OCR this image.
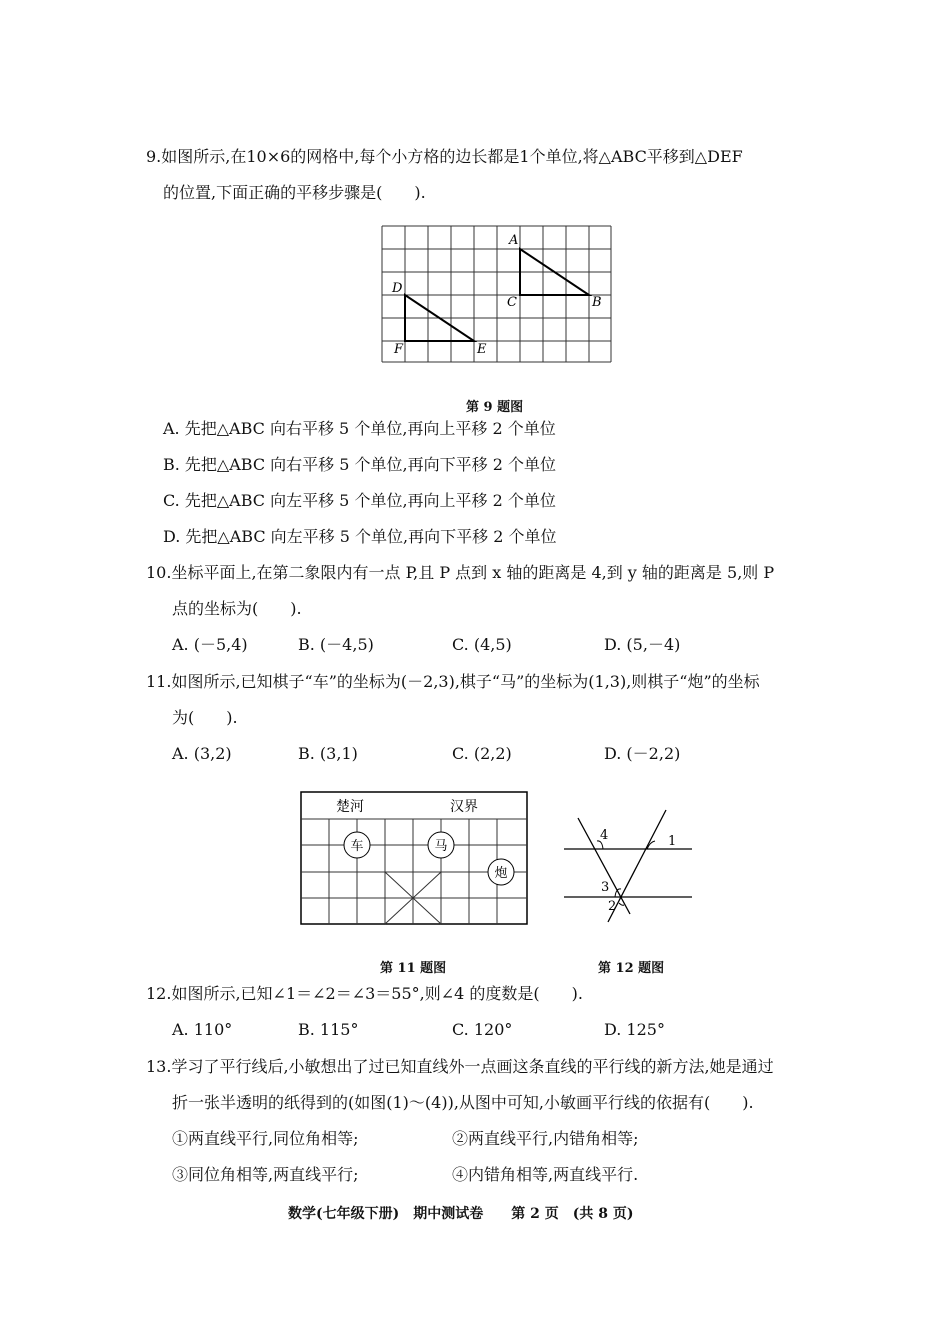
9.如图所示,在10×6的网格中,每个小方格的边长都是1个单位,将△ABC平移到△DEF
的位置,下面正确的平移步骤是(　　).
A
C	B
D
F	E
第 9 题图
A. 先把△ABC 向右平移 5 个单位,再向上平移 2 个单位
B. 先把△ABC 向右平移 5 个单位,再向下平移 2 个单位
C. 先把△ABC 向左平移 5 个单位,再向上平移 2 个单位
D. 先把△ABC 向左平移 5 个单位,再向下平移 2 个单位
10.坐标平面上,在第二象限内有一点 P,且 P 点到 x 轴的距离是 4,到 y 轴的距离是 5,则 P
点的坐标为(　　).
A. (－5,4)	B. (－4,5)	C. (4,5)	D. (5,－4)
11.如图所示,已知棋子“车”的坐标为(－2,3),棋子“马”的坐标为(1,3),则棋子“炮”的坐标
为(　　).
A. (3,2)	B. (3,1)	C. (2,2)	D. (－2,2)
楚河	汉界
车	马
炮
4	1
3
2
第 11 题图	第 12 题图
12.如图所示,已知∠1＝∠2＝∠3＝55°,则∠4 的度数是(　　).
A. 110°	B. 115°	C. 120°	D. 125°
13.学习了平行线后,小敏想出了过已知直线外一点画这条直线的平行线的新方法,她是通过
折一张半透明的纸得到的(如图(1)～(4)),从图中可知,小敏画平行线的依据有(　　).
①两直线平行,同位角相等;	②两直线平行,内错角相等;
③同位角相等,两直线平行;	④内错角相等,两直线平行.
数学(七年级下册)　期中测试卷　　第 2 页　(共 8 页)
